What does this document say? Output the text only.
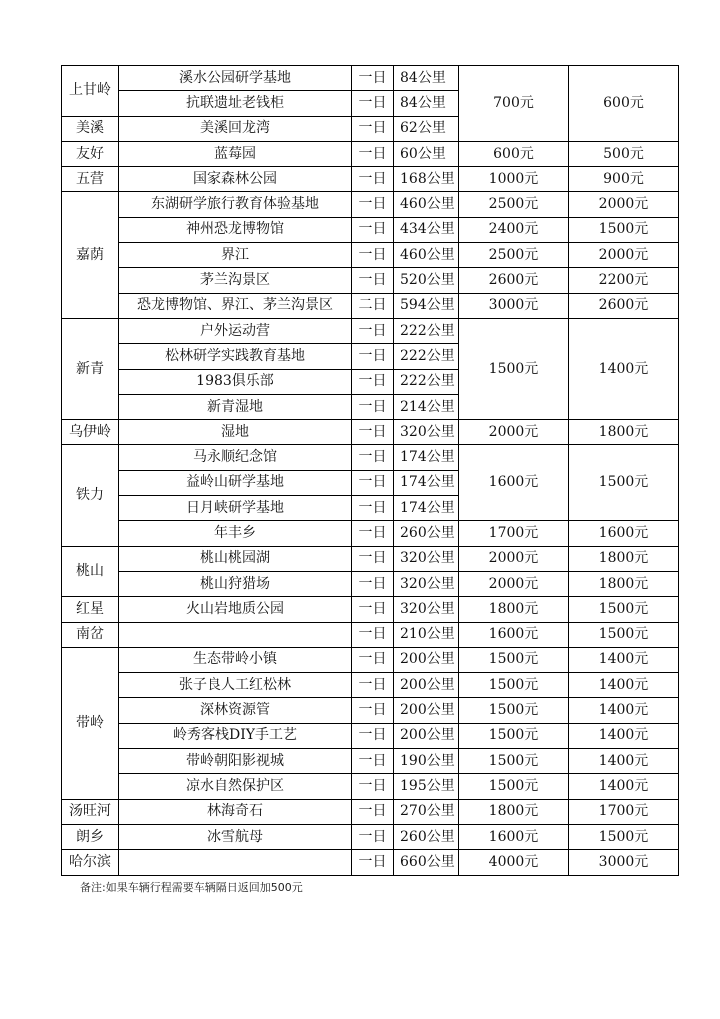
上甘岭	溪水公园研学基地	一日	84公里	700元	600元
	抗联遗址老钱柜	一日	84公里		
美溪	美溪回龙湾	一日	62公里		
友好	蓝莓园	一日	60公里	600元	500元
五营	国家森林公园	一日	168公里	1000元	900元
嘉荫	东湖研学旅行教育体验基地	一日	460公里	2500元	2000元
	神州恐龙博物馆	一日	434公里	2400元	1500元
	界江	一日	460公里	2500元	2000元
	茅兰沟景区	一日	520公里	2600元	2200元
	恐龙博物馆、界江、茅兰沟景区	二日	594公里	3000元	2600元
新青	户外运动营	一日	222公里	1500元	1400元
	松林研学实践教育基地	一日	222公里		
	1983俱乐部	一日	222公里		
	新青湿地	一日	214公里		
乌伊岭	湿地	一日	320公里	2000元	1800元
铁力	马永顺纪念馆	一日	174公里	1600元	1500元
	益岭山研学基地	一日	174公里		
	日月峡研学基地	一日	174公里		
	年丰乡	一日	260公里	1700元	1600元
桃山	桃山桃园湖	一日	320公里	2000元	1800元
	桃山狩猎场	一日	320公里	2000元	1800元
红星	火山岩地质公园	一日	320公里	1800元	1500元
南岔		一日	210公里	1600元	1500元
带岭	生态带岭小镇	一日	200公里	1500元	1400元
	张子良人工红松林	一日	200公里	1500元	1400元
	深林资源管	一日	200公里	1500元	1400元
	岭秀客栈DIY手工艺	一日	200公里	1500元	1400元
	带岭朝阳影视城	一日	190公里	1500元	1400元
	凉水自然保护区	一日	195公里	1500元	1400元
汤旺河	林海奇石	一日	270公里	1800元	1700元
朗乡	冰雪航母	一日	260公里	1600元	1500元
哈尔滨		一日	660公里	4000元	3000元
备注:如果车辆行程需要车辆隔日返回加500元
